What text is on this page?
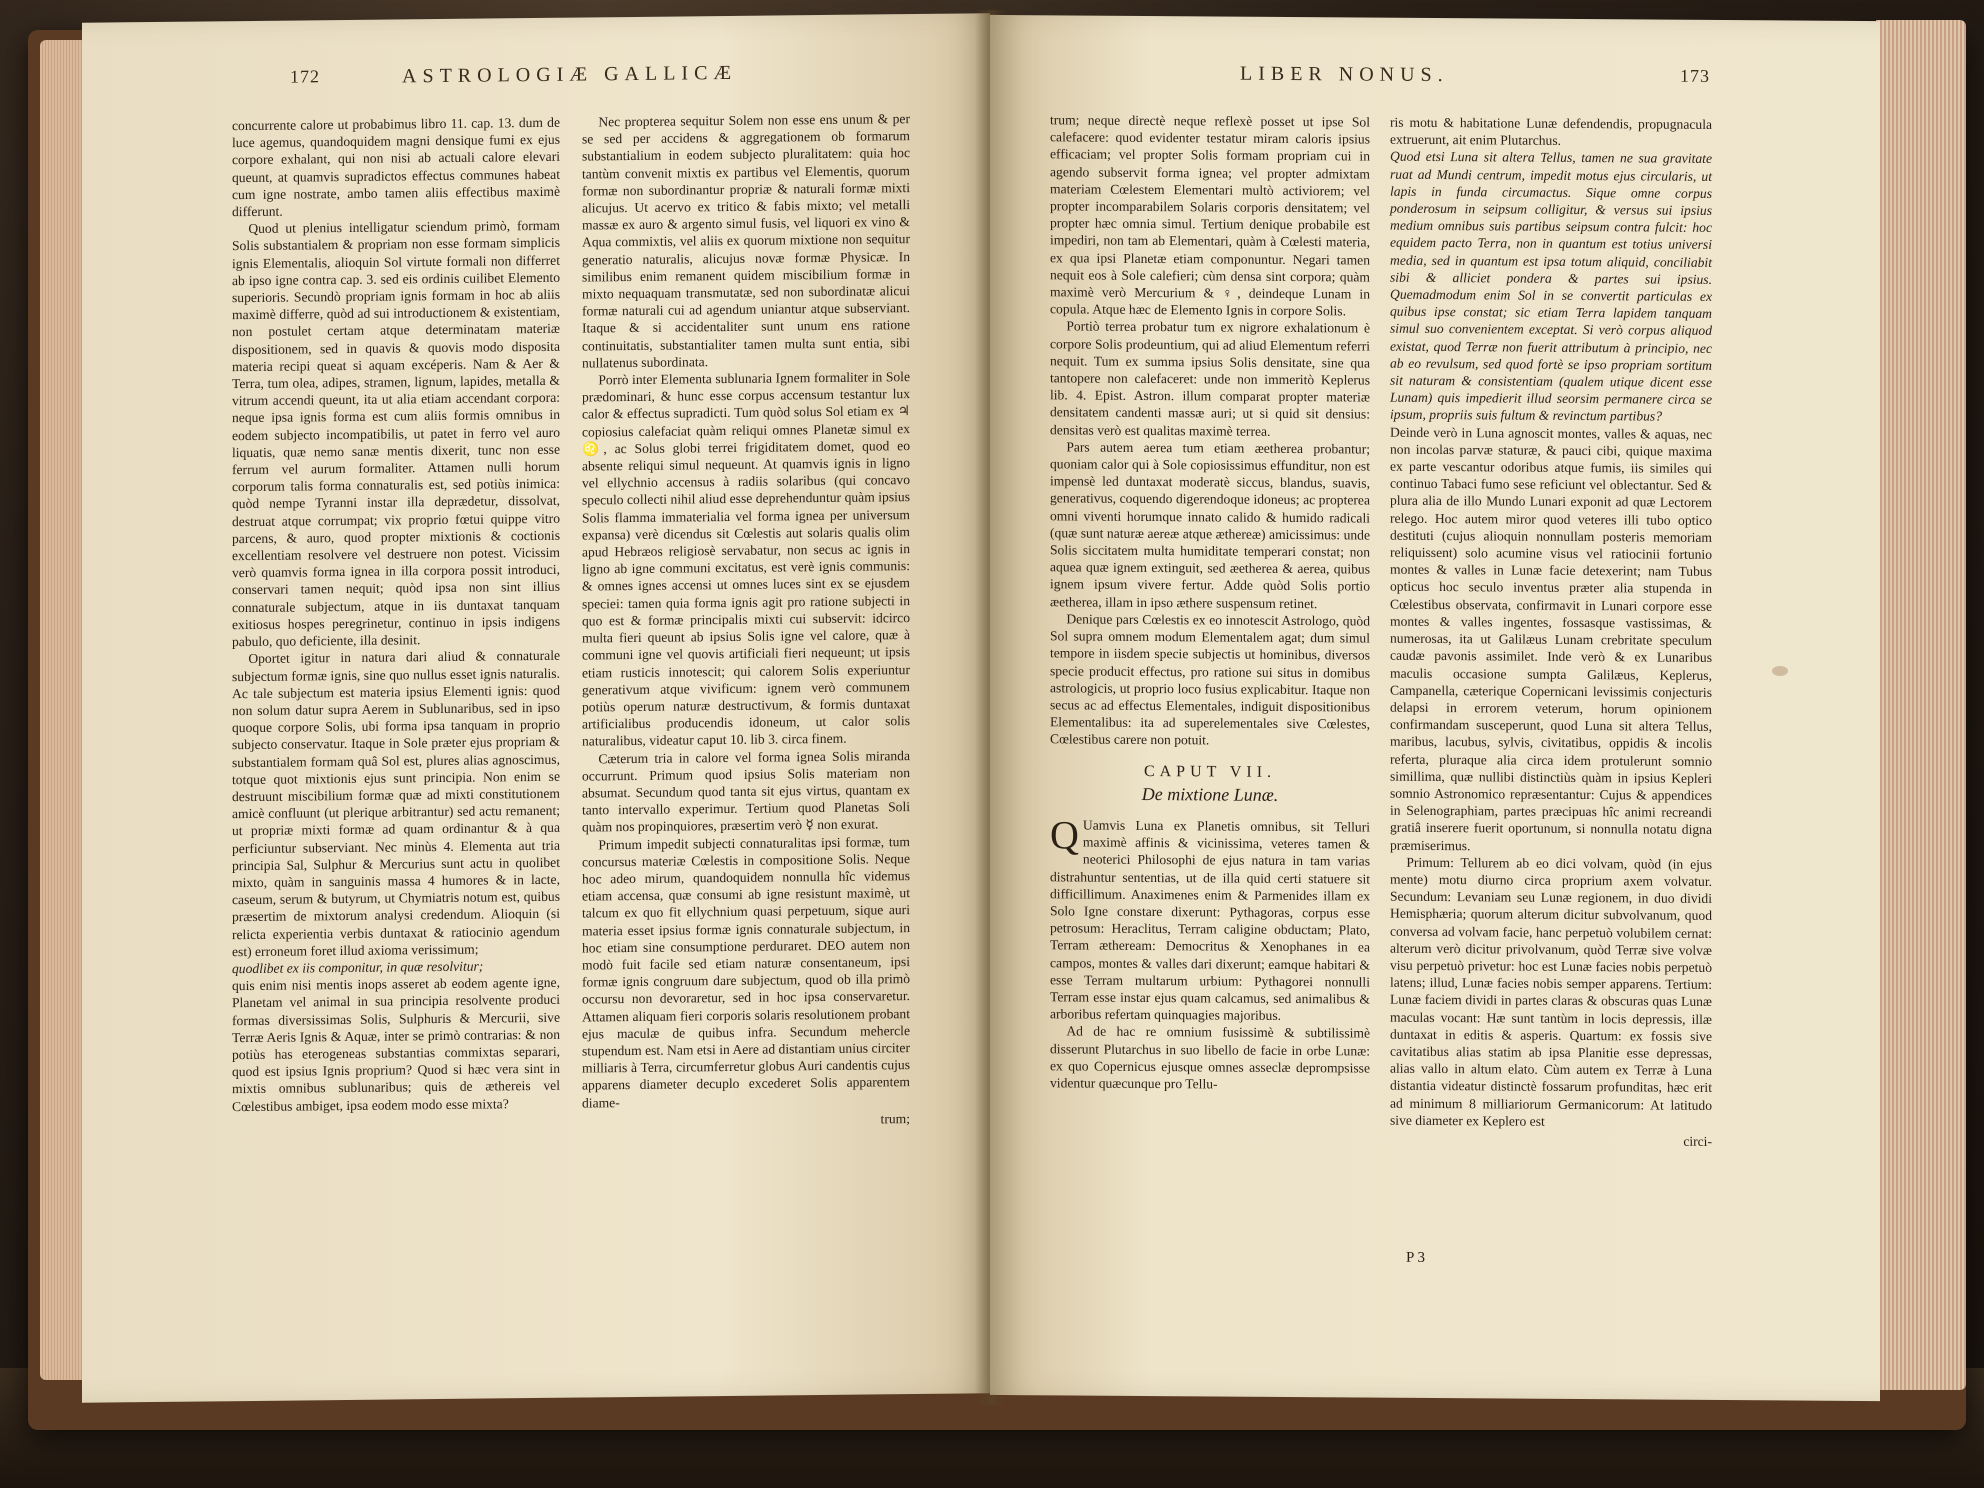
172	ASTROLOGIÆ GALLICÆ

concurrente calore ut probabimus libro 11. cap. 13. dum de luce agemus, quandoquidem magni densique fumi ex ejus corpore exhalant, qui non nisi ab actuali calore elevari queunt, at quamvis supradictos effectus communes habeat cum igne nostrate, ambo tamen aliis effectibus maximè differunt.

Quod ut plenius intelligatur sciendum primò, formam Solis substantialem & propriam non esse formam simplicis ignis Elementalis, alioquin Sol virtute formali non differret ab ipso igne contra cap. 3. sed eis ordinis cuilibet Elemento superioris. Secundò propriam ignis formam in hoc ab aliis maximè differre, quòd ad sui introductionem & existentiam, non postulet certam atque determinatam materiæ dispositionem, sed in quavis & quovis modo disposita materia recipi queat si aquam excéperis. Nam & Aer & Terra, tum olea, adipes, stramen, lignum, lapides, metalla & vitrum accendi queunt, ita ut alia etiam accendant corpora: neque ipsa ignis forma est cum aliis formis omnibus in eodem subjecto incompatibilis, ut patet in ferro vel auro liquatis, quæ nemo sanæ mentis dixerit, tunc non esse ferrum vel aurum formaliter. Attamen nulli horum corporum talis forma connaturalis est, sed potiùs inimica: quòd nempe Tyranni instar illa deprædetur, dissolvat, destruat atque corrumpat; vix proprio fœtui quippe vitro parcens, & auro, quod propter mixtionis & coctionis excellentiam resolvere vel destruere non potest. Vicissim verò quamvis forma ignea in illa corpora possit introduci, conservari tamen nequit; quòd ipsa non sint illius connaturale subjectum, atque in iis duntaxat tanquam exitiosus hospes peregrinetur, continuo in ipsis indigens pabulo, quo deficiente, illa desinit.

Oportet igitur in natura dari aliud & connaturale subjectum formæ ignis, sine quo nullus esset ignis naturalis. Ac tale subjectum est materia ipsius Elementi ignis: quod non solum datur supra Aerem in Sublunaribus, sed in ipso quoque corpore Solis, ubi forma ipsa tanquam in proprio subjecto conservatur. Itaque in Sole præter ejus propriam & substantialem formam quâ Sol est, plures alias agnoscimus, totque quot mixtionis ejus sunt principia. Non enim se destruunt miscibilium formæ quæ ad mixti constitutionem amicè confluunt (ut plerique arbitrantur) sed actu remanent; ut propriæ mixti formæ ad quam ordinantur & à qua perficiuntur subserviant. Nec minùs 4. Elementa aut tria principia Sal, Sulphur & Mercurius sunt actu in quolibet mixto, quàm in sanguinis massa 4 humores & in lacte, caseum, serum & butyrum, ut Chymiatris notum est, quibus præsertim de mixtorum analysi credendum. Alioquin (si relicta experientia verbis duntaxat & ratiocinio agendum est) erroneum foret illud axioma verissimum;

quodlibet ex iis componitur, in quæ resolvitur;

quis enim nisi mentis inops asseret ab eodem agente igne, Planetam vel animal in sua principia resolvente produci formas diversissimas Solis, Sulphuris & Mercurii, sive Terræ Aeris Ignis & Aquæ, inter se primò contrarias: & non potiùs has eterogeneas substantias commixtas separari, quod est ipsius Ignis proprium? Quod si hæc vera sint in mixtis omnibus sublunaribus; quis de æthereis vel Cœlestibus ambiget, ipsa eodem modo esse mixta?

Nec propterea sequitur Solem non esse ens unum & per se sed per accidens & aggregationem ob formarum substantialium in eodem subjecto pluralitatem: quia hoc tantùm convenit mixtis ex partibus vel Elementis, quorum formæ non subordinantur propriæ & naturali formæ mixti alicujus. Ut acervo ex tritico & fabis mixto; vel metalli massæ ex auro & argento simul fusis, vel liquori ex vino & Aqua commixtis, vel aliis ex quorum mixtione non sequitur generatio naturalis, alicujus novæ formæ Physicæ. In similibus enim remanent quidem miscibilium formæ in mixto nequaquam transmutatæ, sed non subordinatæ alicui formæ naturali cui ad agendum uniantur atque subserviant. Itaque & si accidentaliter sunt unum ens ratione continuitatis, substantialiter tamen multa sunt entia, sibi nullatenus subordinata.

Porrò inter Elementa sublunaria Ignem formaliter in Sole prædominari, & hunc esse corpus accensum testantur lux calor & effectus supradicti. Tum quòd solus Sol etiam ex ♃ copiosius calefaciat quàm reliqui omnes Planetæ simul ex ♌, ac Solus globi terrei frigiditatem domet, quod eo absente reliqui simul nequeunt. At quamvis ignis in ligno vel ellychnio accensus à radiis solaribus (qui concavo speculo collecti nihil aliud esse deprehenduntur quàm ipsius Solis flamma immaterialia vel forma ignea per universum expansa) verè dicendus sit Cœlestis aut solaris qualis olim apud Hebræos religiosè servabatur, non secus ac ignis in ligno ab igne communi excitatus, est verè ignis communis: & omnes ignes accensi ut omnes luces sint ex se ejusdem speciei: tamen quia forma ignis agit pro ratione subjecti in quo est & formæ principalis mixti cui subservit: idcirco multa fieri queunt ab ipsius Solis igne vel calore, quæ à communi igne vel quovis artificiali fieri nequeunt; ut ipsis etiam rusticis innotescit; qui calorem Solis experiuntur generativum atque vivificum: ignem verò communem potiùs operum naturæ destructivum, & formis duntaxat artificialibus producendis idoneum, ut calor solis naturalibus, videatur caput 10. lib 3. circa finem.

Cæterum tria in calore vel forma ignea Solis miranda occurrunt. Primum quod ipsius Solis materiam non absumat. Secundum quod tanta sit ejus virtus, quantam ex tanto intervallo experimur. Tertium quod Planetas Soli quàm nos propinquiores, præsertim verò ☿ non exurat.

Primum impedit subjecti connaturalitas ipsi formæ, tum concursus materiæ Cœlestis in compositione Solis. Neque hoc adeo mirum, quandoquidem nonnulla hîc videmus etiam accensa, quæ consumi ab igne resistunt maximè, ut talcum ex quo fit ellychnium quasi perpetuum, sique auri materia esset ipsius formæ ignis connaturale subjectum, in hoc etiam sine consumptione perduraret. DEO autem non modò fuit facile sed etiam naturæ consentaneum, ipsi formæ ignis congruum dare subjectum, quod ob illa primò occursu non devoraretur, sed in hoc ipsa conservaretur. Attamen aliquam fieri corporis solaris resolutionem probant ejus maculæ de quibus infra. Secundum mehercle stupendum est. Nam etsi in Aere ad distantiam unius circiter milliaris à Terra, circumferretur globus Auri candentis cujus apparens diameter decuplo excederet Solis apparentem diame-

trum;
LIBER NONUS.	173

trum; neque directè neque reflexè posset ut ipse Sol calefacere: quod evidenter testatur miram caloris ipsius efficaciam; vel propter Solis formam propriam cui in agendo subservit forma ignea; vel propter admixtam materiam Cœlestem Elementari multò activiorem; vel propter incomparabilem Solaris corporis densitatem; vel propter hæc omnia simul. Tertium denique probabile est impediri, non tam ab Elementari, quàm à Cœlesti materia, ex qua ipsi Planetæ etiam componuntur. Negari tamen nequit eos à Sole calefieri; cùm densa sint corpora; quàm maximè verò Mercurium & ♀, deindeque Lunam in copula. Atque hæc de Elemento Ignis in corpore Solis.

Portiò terrea probatur tum ex nigrore exhalationum è corpore Solis prodeuntium, qui ad aliud Elementum referri nequit. Tum ex summa ipsius Solis densitate, sine qua tantopere non calefaceret: unde non immeritò Keplerus lib. 4. Epist. Astron. illum comparat propter materiæ densitatem candenti massæ auri; ut si quid sit densius: densitas verò est qualitas maximè terrea.

Pars autem aerea tum etiam æetherea probantur; quoniam calor qui à Sole copiosissimus effunditur, non est impensè led duntaxat moderatè siccus, blandus, suavis, generativus, coquendo digerendoque idoneus; ac propterea omni viventi horumque innato calido & humido radicali (quæ sunt naturæ aereæ atque æthereæ) amicissimus: unde Solis siccitatem multa humiditate temperari constat; non aquea quæ ignem extinguit, sed æetherea & aerea, quibus ignem ipsum vivere fertur. Adde quòd Solis portio æetherea, illam in ipso æthere suspensum retinet.

Denique pars Cœlestis ex eo innotescit Astrologo, quòd Sol supra omnem modum Elementalem agat; dum simul tempore in iisdem specie subjectis ut hominibus, diversos specie producit effectus, pro ratione sui situs in domibus astrologicis, ut proprio loco fusius explicabitur. Itaque non secus ac ad effectus Elementales, indiguit dispositionibus Elementalibus: ita ad superelementales sive Cœlestes, Cœlestibus carere non potuit.

CAPUT VII.
De mixtione Lunæ.

Q Uamvis Luna ex Planetis omnibus, sit Telluri maximè affinis & vicinissima, veteres tamen & neoterici Philosophi de ejus natura in tam varias distrahuntur sententias, ut de illa quid certi statuere sit difficillimum. Anaximenes enim & Parmenides illam ex Solo Igne constare dixerunt: Pythagoras, corpus esse petrosum: Heraclitus, Terram caligine obductam; Plato, Terram ætheream: Democritus & Xenophanes in ea campos, montes & valles dari dixerunt; eamque habitari & esse Terram multarum urbium: Pythagorei nonnulli Terram esse instar ejus quam calcamus, sed animalibus & arboribus refertam quinquagies majoribus.

Ad de hac re omnium fusissimè & subtilissimè disserunt Plutarchus in suo libello de facie in orbe Lunæ: ex quo Copernicus ejusque omnes asseclæ deprompsisse videntur quæcunque pro Tellu-

ris motu & habitatione Lunæ defendendis, propugnacula extruerunt, ait enim Plutarchus.

Quod etsi Luna sit altera Tellus, tamen ne sua gravitate ruat ad Mundi centrum, impedit motus ejus circularis, ut lapis in funda circumactus. Sique omne corpus ponderosum in seipsum colligitur, & versus sui ipsius medium omnibus suis partibus seipsum contra fulcit: hoc equidem pacto Terra, non in quantum est totius universi media, sed in quantum est ipsa totum aliquid, conciliabit sibi & alliciet ponderа & partes sui ipsius. Quemadmodum enim Sol in se convertit particulas ex quibus ipse constat; sic etiam Terra lapidem tanquam simul suo convenientem exceptat. Si verò corpus aliquod existat, quod Terræ non fuerit attributum à principio, nec ab eo revulsum, sed quod fortè se ipso propriam sortitum sit naturam & consistentiam (qualem utique dicent esse Lunam) quis impedierit illud seorsim permanere circa se ipsum, propriis suis fultum & revinctum partibus?

Deinde verò in Luna agnoscit montes, valles & aquas, nec non incolas parvæ staturæ, & pauci cibi, quique maxima ex parte vescantur odoribus atque fumis, iis similes qui continuo Tabaci fumo sese reficiunt vel oblectantur. Sed & plura alia de illo Mundo Lunari exponit ad quæ Lectorem relego. Hoc autem miror quod veteres illi tubo optico destituti (cujus alioquin nonnullam posteris memoriam reliquissent) solo acumine visus vel ratiocinii fortunio montes & valles in Lunæ facie detexerint; nam Tubus opticus hoc seculo inventus præter alia stupenda in Cœlestibus observata, confirmavit in Lunari corpore esse montes & valles ingentes, fossasque vastissimas, & numerosas, ita ut Galilæus Lunam crebritate speculum caudæ pavonis assimilet. Inde verò & ex Lunaribus maculis occasione sumpta Galilæus, Keplerus, Campanella, cæterique Copernicani levissimis conjecturis delapsi in errorem veterum, horum opinionem confirmandam susceperunt, quod Luna sit altera Tellus, maribus, lacubus, sylvis, civitatibus, oppidis & incolis referta, pluraque alia circa idem protulerunt somnio simillima, quæ nullibi distinctiùs quàm in ipsius Kepleri somnio Astronomico repræsentantur: Cujus & appendices in Selenographiam, partes præcipuas hîc animi recreandi gratiâ inserere fuerit oportunum, si nonnulla notatu digna præmiserimus.

Primum: Tellurem ab eo dici volvam, quòd (in ejus mente) motu diurno circa proprium axem volvatur. Secundum: Levaniam seu Lunæ regionem, in duo dividi Hemisphæria; quorum alterum dicitur subvolvanum, quod conversa ad volvam facie, hanc perpetuò volubilem cernat: alterum verò dicitur privolvanum, quòd Terræ sive volvæ visu perpetuò privetur: hoc est Lunæ facies nobis perpetuò latens; illud, Lunæ facies nobis semper apparens. Tertium: Lunæ faciem dividi in partes claras & obscuras quas Lunæ maculas vocant: Hæ sunt tantùm in locis depressis, illæ duntaxat in editis & asperis. Quartum: ex fossis sive cavitatibus alias statim ab ipsa Planitie esse depressas, alias vallo in altum elato. Cùm autem ex Terræ à Luna distantia videatur distinctè fossarum profunditas, hæc erit ad minimum 8 milliariorum Germanicorum: At latitudo sive diameter ex Keplero est

circi-
P 3
